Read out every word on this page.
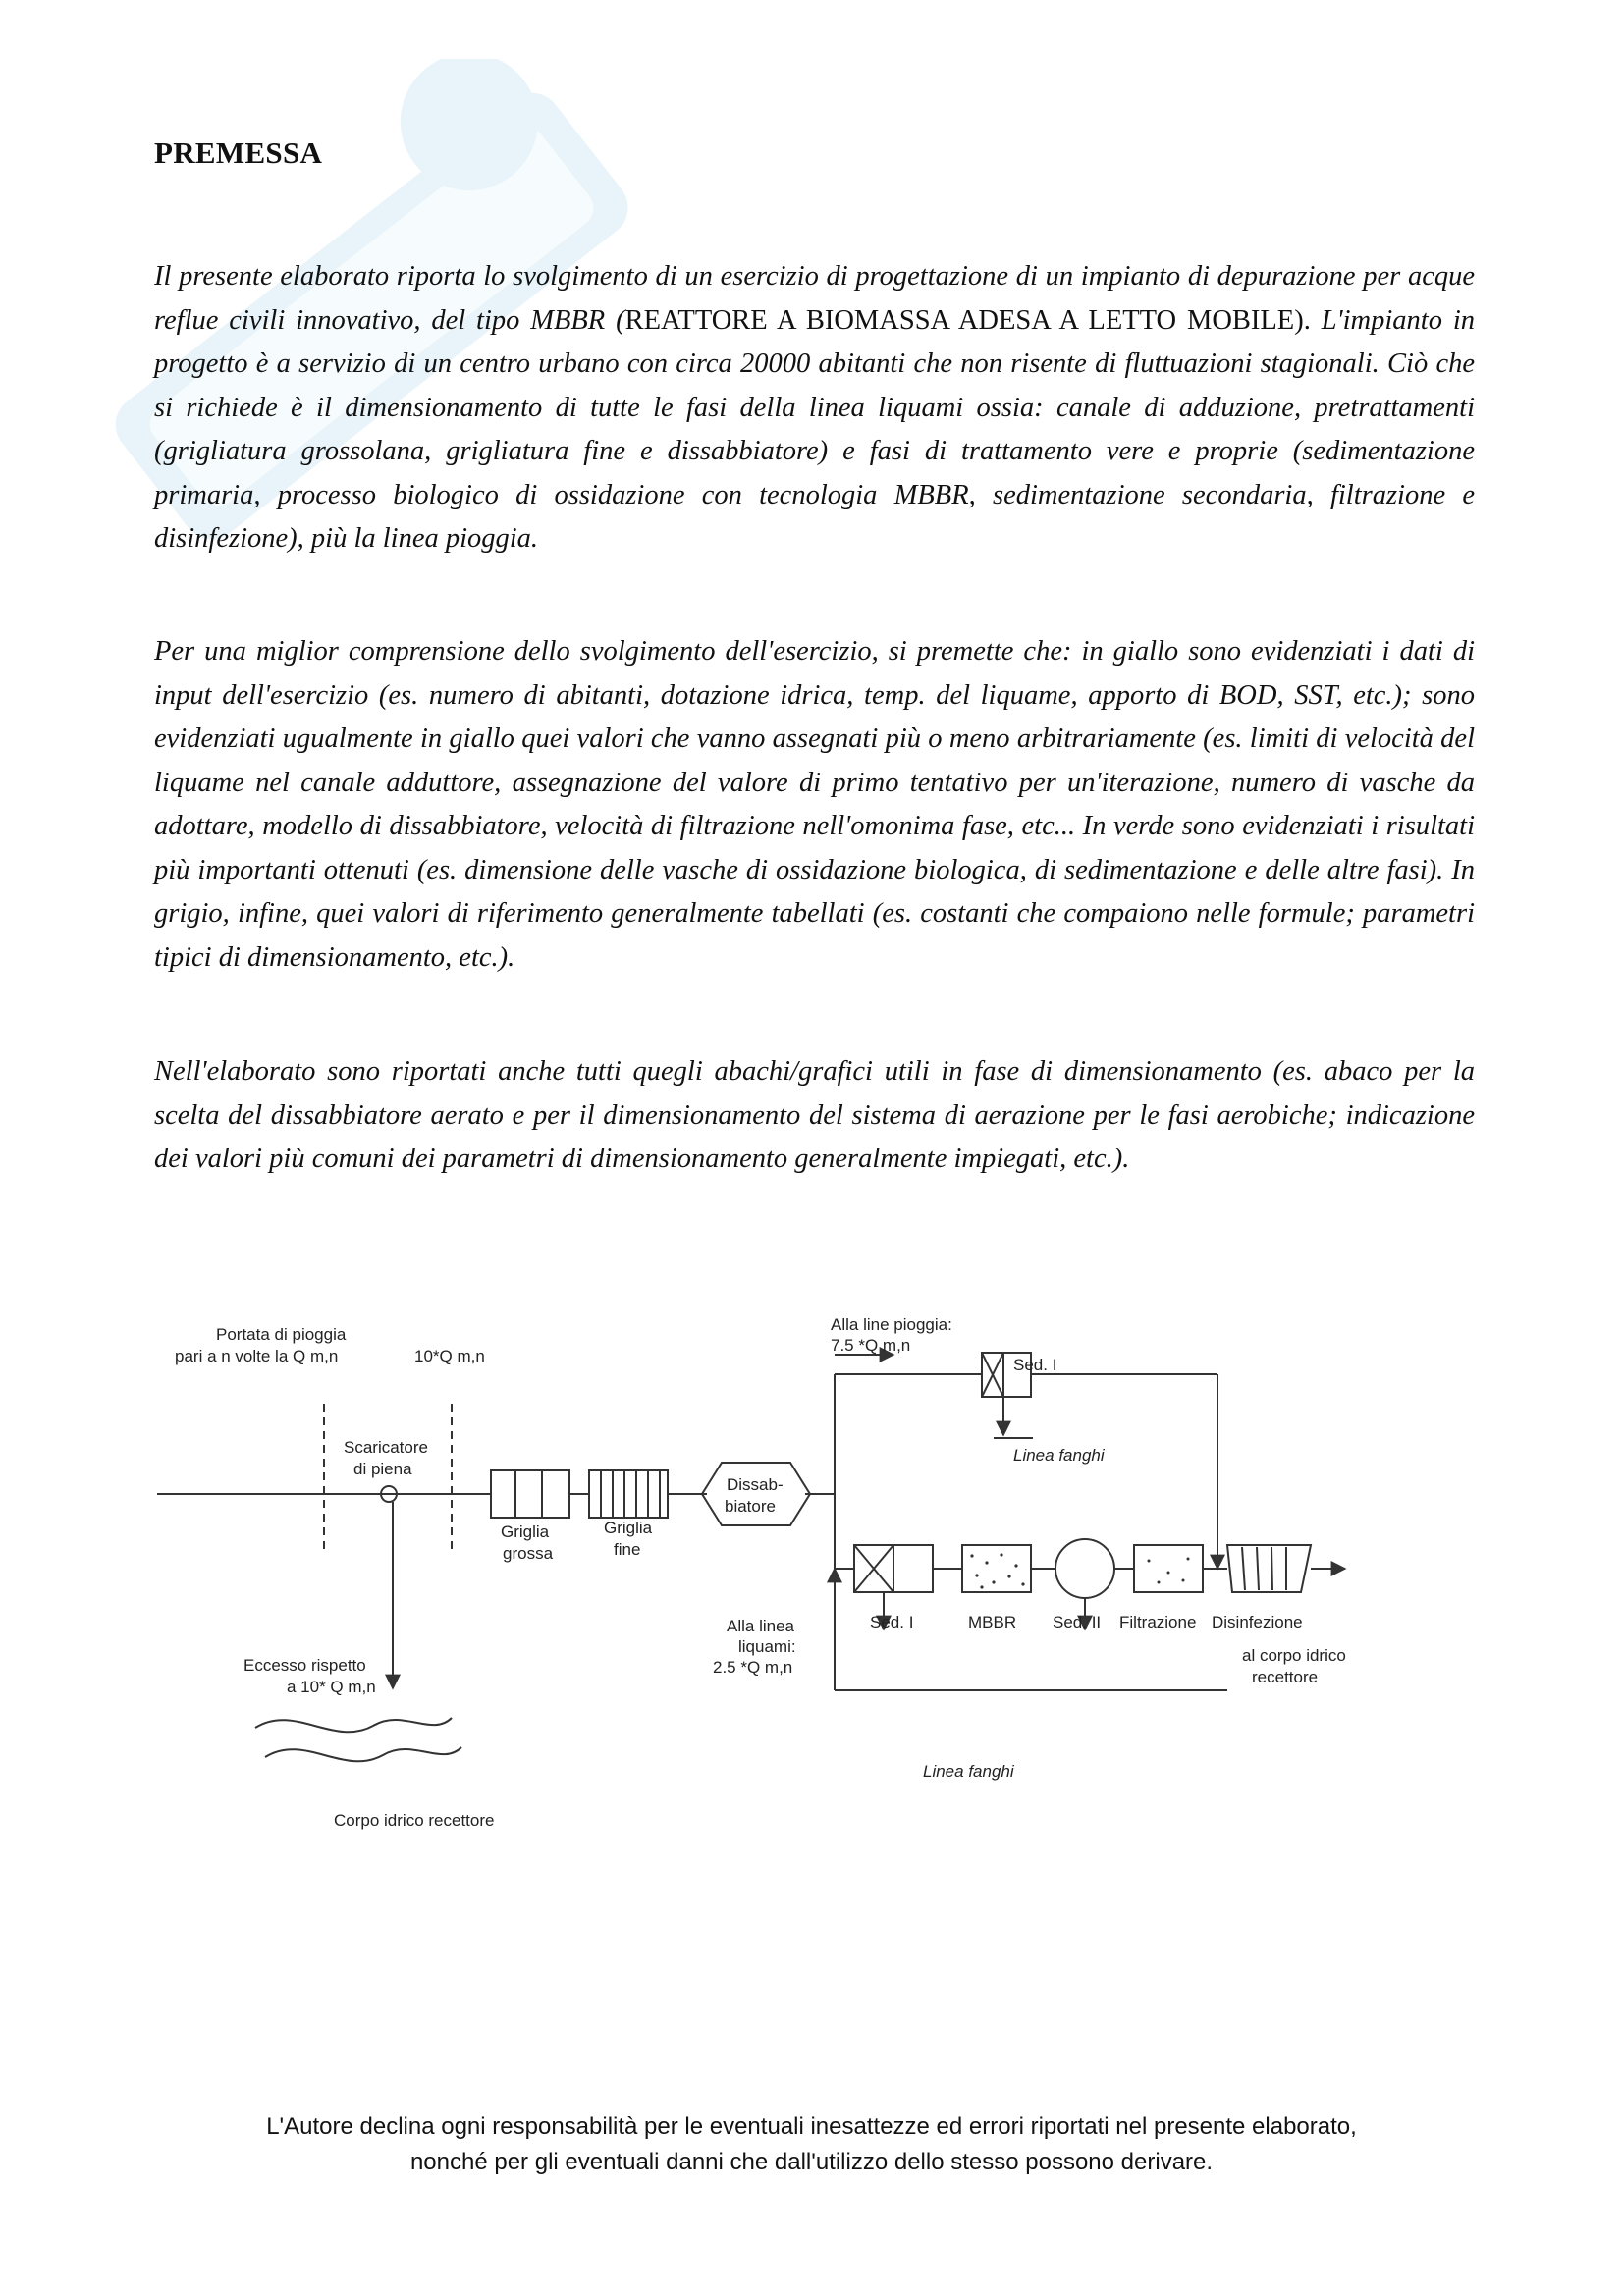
PREMESSA

Il presente elaborato riporta lo svolgimento di un esercizio di progettazione di un impianto di depurazione per acque reflue civili innovativo, del tipo MBBR (REATTORE A BIOMASSA ADESA A LETTO MOBILE). L'impianto in progetto è a servizio di un centro urbano con circa 20000 abitanti che non risente di fluttuazioni stagionali. Ciò che si richiede è il dimensionamento di tutte le fasi della linea liquami ossia: canale di adduzione, pretrattamenti (grigliatura grossolana, grigliatura fine e dissabbiatore) e fasi di trattamento vere e proprie (sedimentazione primaria, processo biologico di ossidazione con tecnologia MBBR, sedimentazione secondaria, filtrazione e disinfezione), più la linea pioggia.

Per una miglior comprensione dello svolgimento dell'esercizio, si premette che: in giallo sono evidenziati i dati di input dell'esercizio (es. numero di abitanti, dotazione idrica, temp. del liquame, apporto di BOD, SST, etc.); sono evidenziati ugualmente in giallo quei valori che vanno assegnati più o meno arbitrariamente (es. limiti di velocità del liquame nel canale adduttore, assegnazione del valore di primo tentativo per un'iterazione, numero di vasche da adottare, modello di dissabbiatore, velocità di filtrazione nell'omonima fase, etc... In verde sono evidenziati i risultati più importanti ottenuti (es. dimensione delle vasche di ossidazione biologica, di sedimentazione e delle altre fasi). In grigio, infine, quei valori di riferimento generalmente tabellati (es. costanti che compaiono nelle formule; parametri tipici di dimensionamento, etc.).

Nell'elaborato sono riportati anche tutti quegli abachi/grafici utili in fase di dimensionamento (es. abaco per la scelta del dissabbiatore aerato e per il dimensionamento del sistema di aerazione per le fasi aerobiche; indicazione dei valori più comuni dei parametri di dimensionamento generalmente impiegati, etc.).

Portata di pioggia
pari a n volte la Q m,n	10*Q m,n
Scaricatore
di piena
Griglia
grossa
Griglia
fine
Dissab-
biatore
Alla line pioggia:
7.5 *Q m,n
Sed. I
Linea fanghi
Alla linea
liquami:
2.5 *Q m,n
Sed. I	MBBR Sed. II Filtrazione Disinfezione
al corpo idrico
recettore
Eccesso rispetto
a 10* Q m,n
Linea fanghi
Corpo idrico recettore
L'Autore declina ogni responsabilità per le eventuali inesattezze ed errori riportati nel presente elaborato,
nonché per gli eventuali danni che dall'utilizzo dello stesso possono derivare.
